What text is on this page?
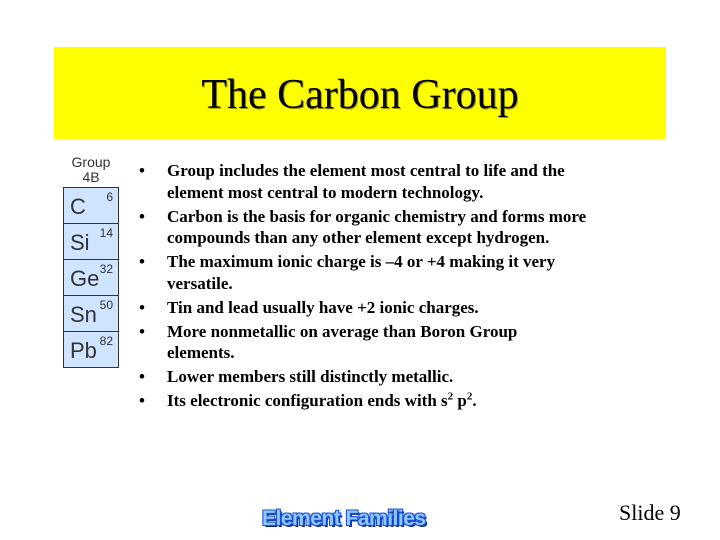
The Carbon Group
Group
4B
C 6
Si 14
Ge 32
Sn 50
Pb 82
• Group includes the element most central to life and the element most central to modern technology.
• Carbon is the basis for organic chemistry and forms more compounds than any other element except hydrogen.
• The maximum ionic charge is –4 or +4 making it very versatile.
• Tin and lead usually have +2 ionic charges.
• More nonmetallic on average than Boron Group elements.
• Lower members still distinctly metallic.
• Its electronic configuration ends with $s^2$ $p^2$.
Element Families	Slide 9
